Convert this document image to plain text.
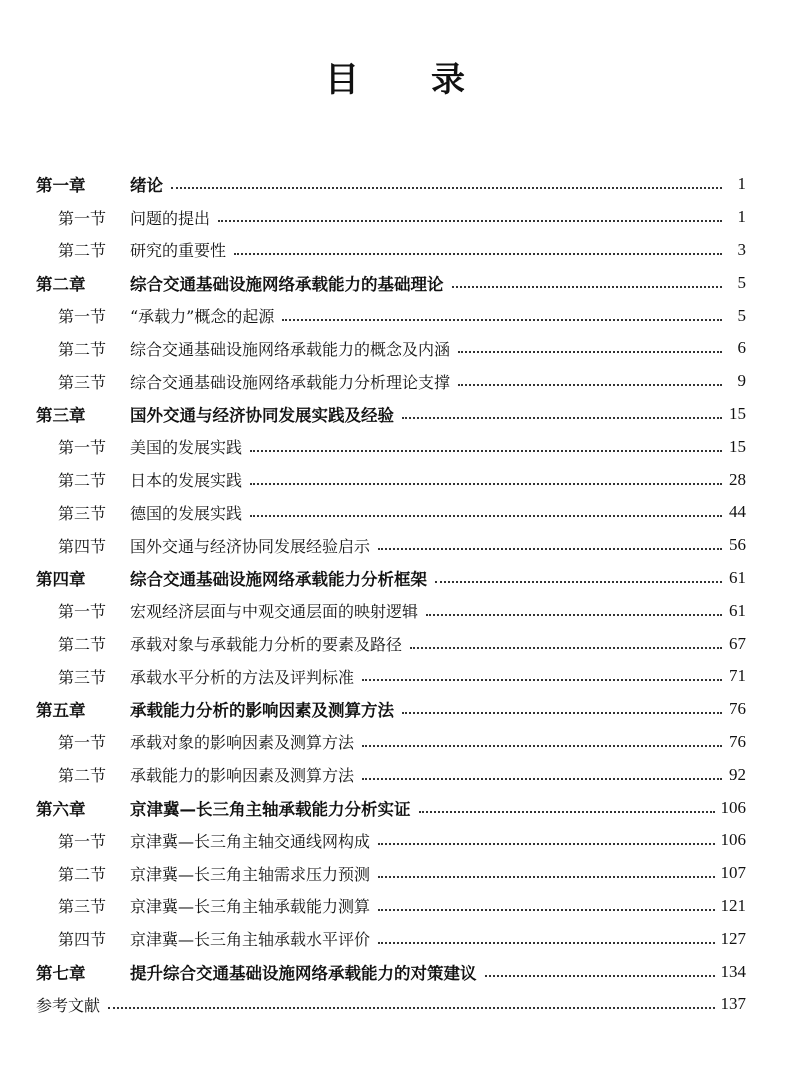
目 录
第一章	绪论	1
第一节	问题的提出	1
第二节	研究的重要性	3
第二章	综合交通基础设施网络承载能力的基础理论	5
第一节	“承载力”概念的起源	5
第二节	综合交通基础设施网络承载能力的概念及内涵	6
第三节	综合交通基础设施网络承载能力分析理论支撑	9
第三章	国外交通与经济协同发展实践及经验	15
第一节	美国的发展实践	15
第二节	日本的发展实践	28
第三节	德国的发展实践	44
第四节	国外交通与经济协同发展经验启示	56
第四章	综合交通基础设施网络承载能力分析框架	61
第一节	宏观经济层面与中观交通层面的映射逻辑	61
第二节	承载对象与承载能力分析的要素及路径	67
第三节	承载水平分析的方法及评判标准	71
第五章	承载能力分析的影响因素及测算方法	76
第一节	承载对象的影响因素及测算方法	76
第二节	承载能力的影响因素及测算方法	92
第六章	京津冀—长三角主轴承载能力分析实证	106
第一节	京津冀—长三角主轴交通线网构成	106
第二节	京津冀—长三角主轴需求压力预测	107
第三节	京津冀—长三角主轴承载能力测算	121
第四节	京津冀—长三角主轴承载水平评价	127
第七章	提升综合交通基础设施网络承载能力的对策建议	134
参考文献	137
